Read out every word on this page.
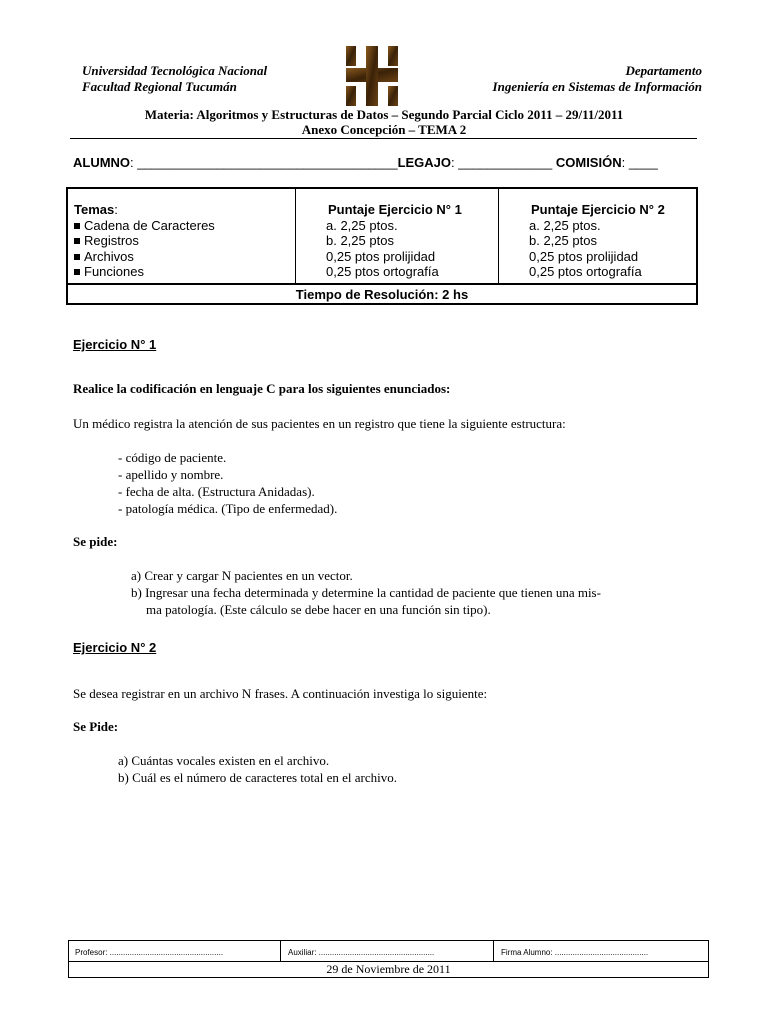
Universidad Tecnológica Nacional
Facultad Regional Tucumán
Departamento
Ingeniería en Sistemas de Información
Materia: Algoritmos y Estructuras de Datos – Segundo Parcial Ciclo 2011 – 29/11/2011
Anexo Concepción – TEMA 2
ALUMNO: ____________________________________LEGAJO: _____________ COMISIÓN: ____
Temas:
Cadena de Caracteres
Registros
Archivos
Funciones
Puntaje Ejercicio N° 1
a. 2,25 ptos.
b. 2,25 ptos
0,25 ptos prolijidad
0,25 ptos ortografía
Puntaje Ejercicio N° 2
a. 2,25 ptos.
b. 2,25 ptos
0,25 ptos prolijidad
0,25 ptos ortografía
Tiempo de Resolución: 2 hs
Ejercicio N° 1
Realice la codificación en lenguaje C para los siguientes enunciados:
Un médico registra la atención de sus pacientes en un registro que tiene la siguiente estructura:
- código de paciente.
- apellido y nombre.
- fecha de alta. (Estructura Anidadas).
- patología médica. (Tipo de enfermedad).
Se pide:
a) Crear y cargar N pacientes en un vector.
b) Ingresar una fecha determinada y determine la cantidad de paciente que tienen una mis-
ma patología. (Este cálculo se debe hacer en una función sin tipo).
Ejercicio N° 2
Se desea registrar en un archivo N frases. A continuación investiga lo siguiente:
Se Pide:
a) Cuántas vocales existen en el archivo.
b) Cuál es el número de caracteres total en el archivo.
Profesor: ...................................................	Auxiliar: ....................................................	Firma Alumno: ..........................................
29 de Noviembre de 2011
